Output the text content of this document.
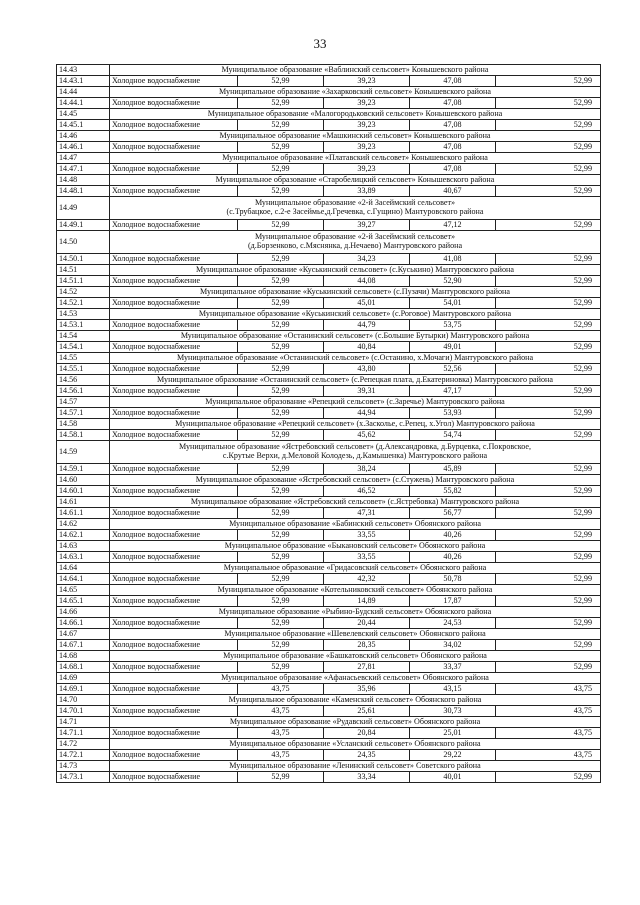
33
14.43	Муниципальное образование «Ваблинский сельсовет» Конышевского района				

14.43.1	Холодное водоснабжение	52,99	39,23	47,08	52,99
14.44	Муниципальное образование «Захарковский сельсовет» Конышевского района				

14.44.1	Холодное водоснабжение	52,99	39,23	47,08	52,99
14.45	Муниципальное образование «Малогородьковский сельсовет» Конышевского района				

14.45.1	Холодное водоснабжение	52,99	39,23	47,08	52,99
14.46	Муниципальное образование «Машкинский сельсовет» Конышевского района				

14.46.1	Холодное водоснабжение	52,99	39,23	47,08	52,99
14.47	Муниципальное образование «Платавский сельсовет» Конышевского района				

14.47.1	Холодное водоснабжение	52,99	39,23	47,08	52,99
14.48	Муниципальное образование «Старобелицкий сельсовет» Конышевского района				

14.48.1	Холодное водоснабжение	52,99	33,89	40,67	52,99
14.49	Муниципальное образование «2-й Засеймский сельсовет»
(с.Трубацкое, с.2-е Засеймье,д.Гречевка, с.Гущино) Мантуровского района				

14.49.1	Холодное водоснабжение	52,99	39,27	47,12	52,99
14.50	Муниципальное образование «2-й Засеймский сельсовет»
(д.Борзенково, с.Мяснянка, д.Нечаево) Мантуровского района				

14.50.1	Холодное водоснабжение	52,99	34,23	41,08	52,99
14.51	Муниципальное образование «Куськинский сельсовет» (с.Куськино) Мантуровского района				

14.51.1	Холодное водоснабжение	52,99	44,08	52,90	52,99
14.52	Муниципальное образование «Куськинский сельсовет» (с.Пузачи) Мантуровского района				

14.52.1	Холодное водоснабжение	52,99	45,01	54,01	52,99
14.53	Муниципальное образование «Куськинский сельсовет» (с.Роговое) Мантуровского района				

14.53.1	Холодное водоснабжение	52,99	44,79	53,75	52,99
14.54	Муниципальное образование «Останинский сельсовет» (с.Большие Бутырки) Мантуровского района				

14.54.1	Холодное водоснабжение	52,99	40,84	49,01	52,99
14.55	Муниципальное образование «Останинский сельсовет» (с.Останино, х.Мочаги) Мантуровского района				

14.55.1	Холодное водоснабжение	52,99	43,80	52,56	52,99
14.56	Муниципальное образование «Останинский сельсовет» (с.Репецкая плата, д.Екатериновка) Мантуровского района				

14.56.1	Холодное водоснабжение	52,99	39,31	47,17	52,99
14.57	Муниципальное образование «Репецкий сельсовет» (с.Заречье) Мантуровского района				

14.57.1	Холодное водоснабжение	52,99	44,94	53,93	52,99
14.58	Муниципальное образование «Репецкий сельсовет» (х.Засколье, с.Репец, х.Угол) Мантуровского района				

14.58.1	Холодное водоснабжение	52,99	45,62	54,74	52,99
14.59	Муниципальное образование «Ястребовский сельсовет» (д.Александровка, д.Бурцевка, с.Покровское,
с.Крутые Верхи, д.Меловой Колодезь, д.Камышенка) Мантуровского района				

14.59.1	Холодное водоснабжение	52,99	38,24	45,89	52,99
14.60	Муниципальное образование «Ястребовский сельсовет» (с.Стужень) Мантуровского района				

14.60.1	Холодное водоснабжение	52,99	46,52	55,82	52,99
14.61	Муниципальное образование «Ястребовский сельсовет» (с.Ястребовка) Мантуровского района				

14.61.1	Холодное водоснабжение	52,99	47,31	56,77	52,99
14.62	Муниципальное образование «Бабинский сельсовет» Обоянского района				

14.62.1	Холодное водоснабжение	52,99	33,55	40,26	52,99
14.63	Муниципальное образование «Быкановский сельсовет» Обоянского района				

14.63.1	Холодное водоснабжение	52,99	33,55	40,26	52,99
14.64	Муниципальное образование «Гридасовский сельсовет» Обоянского района				

14.64.1	Холодное водоснабжение	52,99	42,32	50,78	52,99
14.65	Муниципальное образование «Котельниковский сельсовет» Обоянского района				

14.65.1	Холодное водоснабжение	52,99	14,89	17,87	52,99
14.66	Муниципальное образование «Рыбино-Будский сельсовет» Обоянского района				

14.66.1	Холодное водоснабжение	52,99	20,44	24,53	52,99
14.67	Муниципальное образование «Шевелевский сельсовет» Обоянского района				

14.67.1	Холодное водоснабжение	52,99	28,35	34,02	52,99
14.68	Муниципальное образование «Башкатовский сельсовет» Обоянского района				

14.68.1	Холодное водоснабжение	52,99	27,81	33,37	52,99
14.69	Муниципальное образование «Афанасьевский сельсовет» Обоянского района				

14.69.1	Холодное водоснабжение	43,75	35,96	43,15	43,75
14.70	Муниципальное образование «Каменский сельсовет» Обоянского района				

14.70.1	Холодное водоснабжение	43,75	25,61	30,73	43,75
14.71	Муниципальное образование «Рудавский сельсовет» Обоянского района				

14.71.1	Холодное водоснабжение	43,75	20,84	25,01	43,75
14.72	Муниципальное образование «Усланский сельсовет» Обоянского района				

14.72.1	Холодное водоснабжение	43,75	24,35	29,22	43,75
14.73	Муниципальное образование «Ленинский сельсовет» Советского района				

14.73.1	Холодное водоснабжение	52,99	33,34	40,01	52,99
